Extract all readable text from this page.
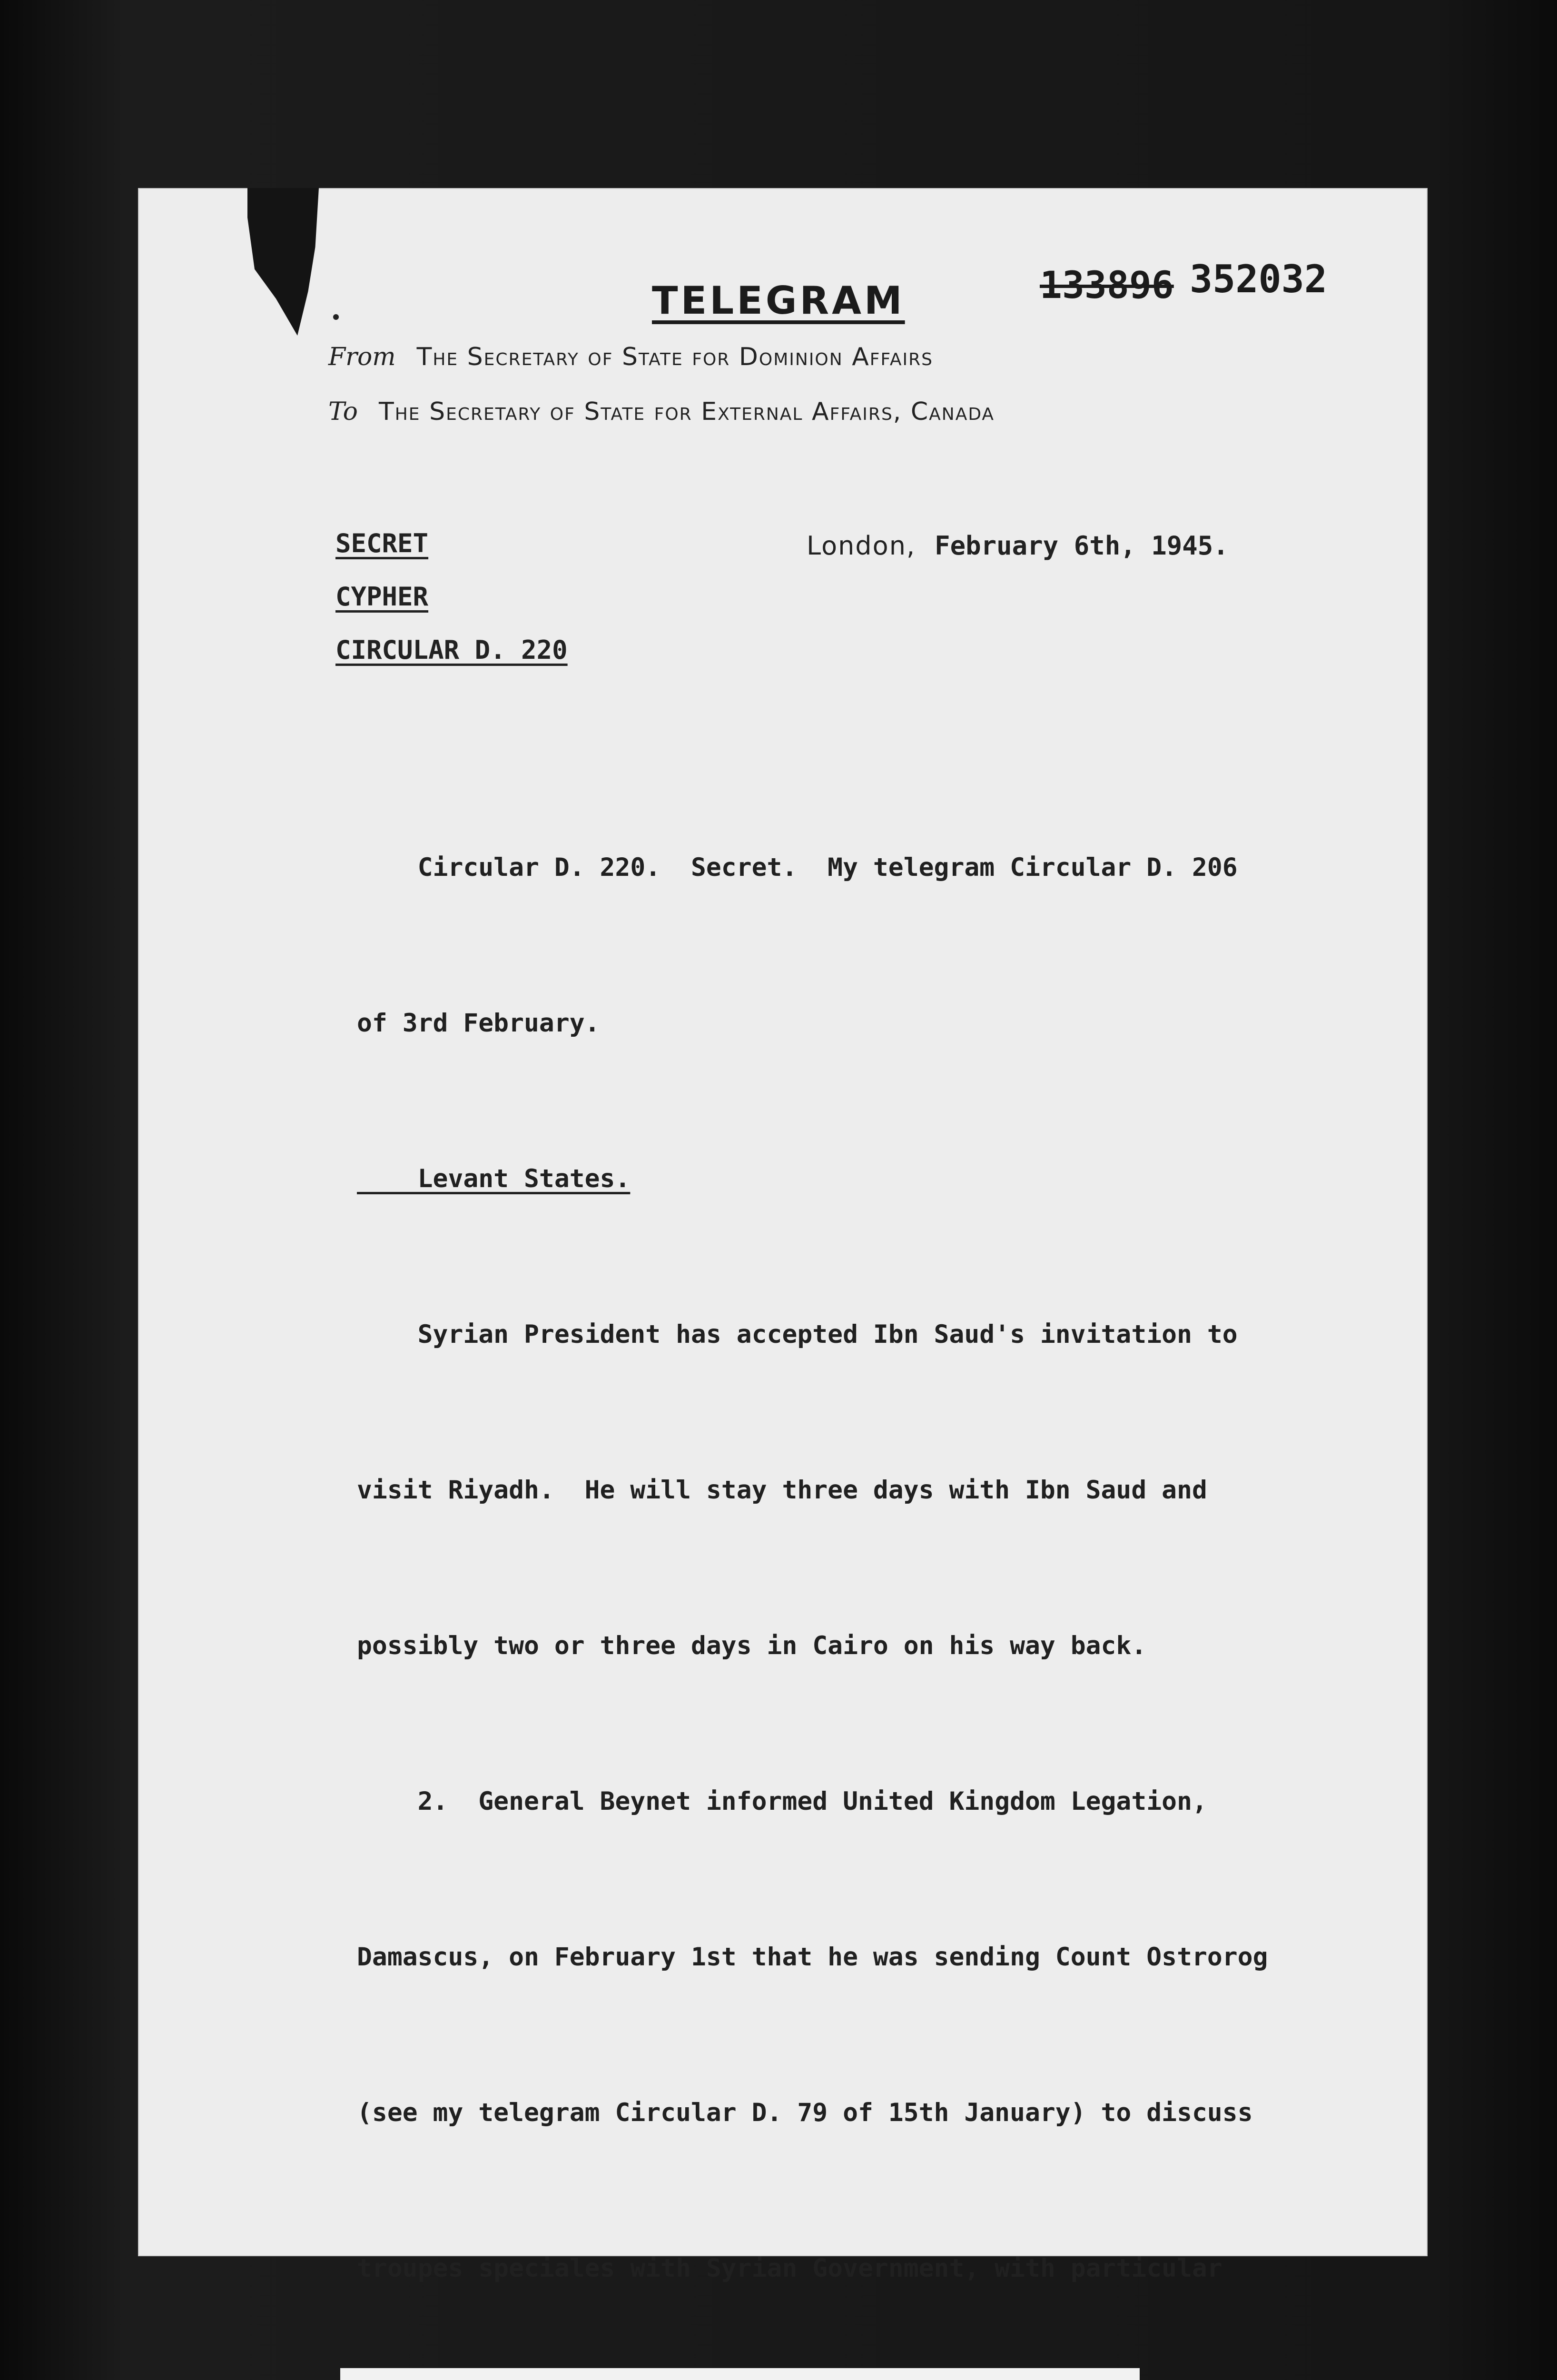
TELEGRAM	133896 352032
From The Secretary of State for Dominion Affairs
To The Secretary of State for External Affairs, Canada
SECRET
CYPHER
CIRCULAR D. 220
London, February 6th, 1945.

Circular D. 220.  Secret.  My telegram Circular D. 206

of 3rd February.

Levant States.

Syrian President has accepted Ibn Saud's invitation to

visit Riyadh.  He will stay three days with Ibn Saud and

possibly two or three days in Cairo on his way back.

2.  General Beynet informed United Kingdom Legation,

Damascus, on February 1st that he was sending Count Ostrorog

(see my telegram Circular D. 79 of 15th January) to discuss

troupes speciales with Syrian Government, with particular
